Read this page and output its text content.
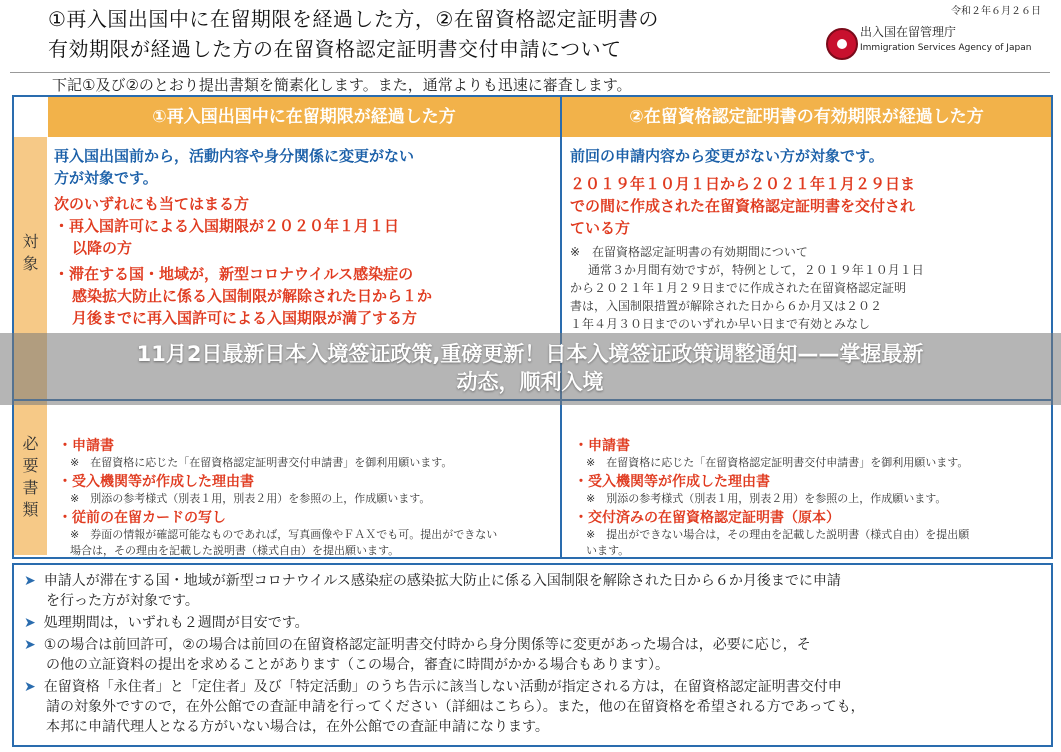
①再入国出国中に在留期限を経過した方，②在留資格認定証明書の
有効期限が経過した方の在留資格認定証明書交付申請について
令和２年６月２６日
出入国在留管理庁
Immigration Services Agency of Japan
下記①及び②のとおり提出書類を簡素化します。また，通常よりも迅速に審査します。
①再入国出国中に在留期限が経過した方	②在留資格認定証明書の有効期限が経過した方
対
象
必
要
書
類
再入国出国前から，活動内容や身分関係に変更がない
方が対象です。
次のいずれにも当てはまる方
・再入国許可による入国期限が２０２０年１月１日
以降の方
・滞在する国・地域が，新型コロナウイルス感染症の
感染拡大防止に係る入国制限が解除された日から１か
月後までに再入国許可による入国期限が満了する方
前回の申請内容から変更がない方が対象です。
２０１９年１０月１日から２０２１年１月２９日ま
での間に作成された在留資格認定証明書を交付され
ている方
※　在留資格認定証明書の有効期間について
通常３か月間有効ですが，特例として，２０１９年１０月１日
から２０２１年１月２９日までに作成された在留資格認定証明
書は，入国制限措置が解除された日から６か月又は２０２
１年４月３０日までのいずれか早い日まで有効とみなし
・申請書
※　在留資格に応じた「在留資格認定証明書交付申請書」を御利用願います。
・受入機関等が作成した理由書
※　別添の参考様式（別表１用，別表２用）を参照の上，作成願います。
・従前の在留カードの写し
※　券面の情報が確認可能なものであれば，写真画像やＦＡＸでも可。提出ができない
場合は，その理由を記載した説明書（様式自由）を提出願います。
・申請書
※　在留資格に応じた「在留資格認定証明書交付申請書」を御利用願います。
・受入機関等が作成した理由書
※　別添の参考様式（別表１用，別表２用）を参照の上，作成願います。
・交付済みの在留資格認定証明書（原本）
※　提出ができない場合は，その理由を記載した説明書（様式自由）を提出願
います。
11月2日最新日本入境签证政策,重磅更新！日本入境签证政策调整通知——掌握最新
动态，顺利入境
➤ 申請人が滞在する国・地域が新型コロナウイルス感染症の感染拡大防止に係る入国制限を解除された日から６か月後までに申請
を行った方が対象です。
➤ 処理期間は，いずれも２週間が目安です。
➤ ①の場合は前回許可，②の場合は前回の在留資格認定証明書交付時から身分関係等に変更があった場合は，必要に応じ，そ
の他の立証資料の提出を求めることがあります（この場合，審査に時間がかかる場合もあります）。
➤ 在留資格「永住者」と「定住者」及び「特定活動」のうち告示に該当しない活動が指定される方は，在留資格認定証明書交付申
請の対象外ですので，在外公館での査証申請を行ってください（詳細はこちら）。また，他の在留資格を希望される方であっても，
本邦に申請代理人となる方がいない場合は，在外公館での査証申請になります。
